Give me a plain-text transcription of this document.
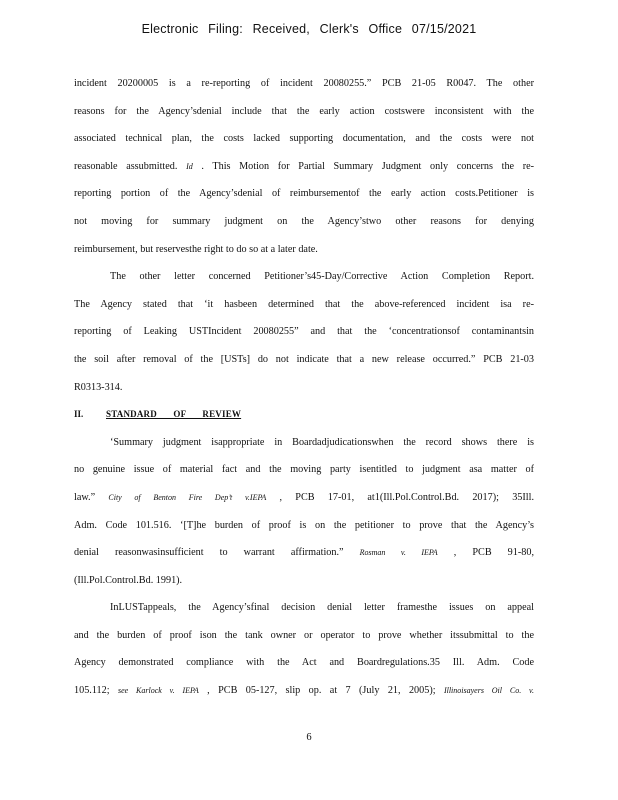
Electronic Filing: Received, Clerk's Office 07/15/2021
incident 20200005 is a re-reporting of incident 20080255.” PCB 21-05 R0047. The other
reasons for the Agency’sdenial include that the early action costswere inconsistent with the
associated technical plan, the costs lacked supporting documentation, and the costs were not
reasonable assubmitted. Id . This Motion for Partial Summary Judgment only concerns the re-
reporting portion of the Agency’sdenial of reimbursementof the early action costs.Petitioner is
not moving for summary judgment on the Agency’stwo other reasons for denying
reimbursement, but reservesthe right to do so at a later date.
The other letter concerned Petitioner’s45-Day/Corrective Action Completion Report.
The Agency stated that ‘it hasbeen determined that the above-referenced incident isa re-
reporting of Leaking USTIncident 20080255” and that the ‘concentrationsof contaminantsin
the soil after removal of the [USTs] do not indicate that a new release occurred.” PCB 21-03
R0313-314.
II.	STANDARD OF REVIEW
‘Summary judgment isappropriate in Boardadjudicationswhen the record shows there is
no genuine issue of material fact and the moving party isentitled to judgment asa matter of
law.” City of Benton Fire Dep’t v.IEPA , PCB 17-01, at1(Ill.Pol.Control.Bd. 2017); 35Ill.
Adm. Code 101.516. ‘[T]he burden of proof is on the petitioner to prove that the Agency’s
denial reasonwasinsufficient to warrant affirmation.” Rosman v. IEPA , PCB 91-80,
(Ill.Pol.Control.Bd. 1991).
InLUSTappeals, the Agency’sfinal decision denial letter framesthe issues on appeal
and the burden of proof ison the tank owner or operator to prove whether itssubmittal to the
Agency demonstrated compliance with the Act and Boardregulations.35 Ill. Adm. Code
105.112; see Karlock v. IEPA , PCB 05-127, slip op. at 7 (July 21, 2005); Illinoisayers Oil Co. v.
6
